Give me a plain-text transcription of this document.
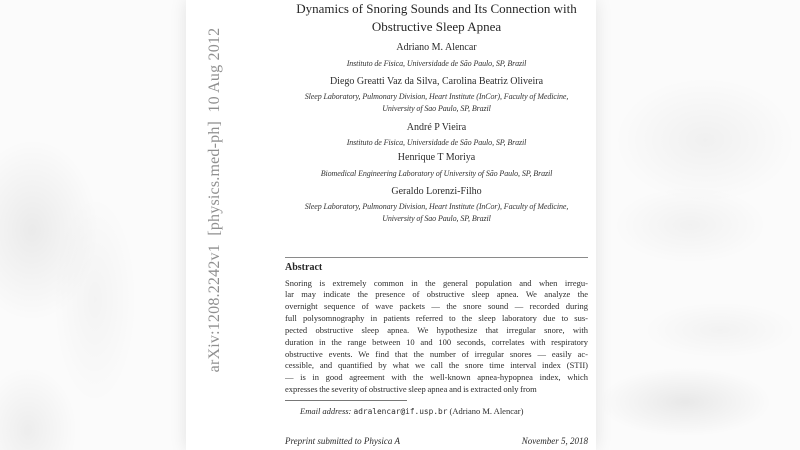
arXiv:1208.2242v1  [physics.med-ph]  10 Aug 2012
Dynamics of Snoring Sounds and Its Connection with
Obstructive Sleep Apnea
Adriano M. Alencar
Instituto de Fisica, Universidade de São Paulo, SP, Brazil
Diego Greatti Vaz da Silva, Carolina Beatriz Oliveira
Sleep Laboratory, Pulmonary Division, Heart Institute (InCor), Faculty of Medicine,
University of Sao Paulo, SP, Brazil
André P Vieira
Instituto de Fisica, Universidade de São Paulo, SP, Brazil
Henrique T Moriya
Biomedical Engineering Laboratory of University of São Paulo, SP, Brazil
Geraldo Lorenzi-Filho
Sleep Laboratory, Pulmonary Division, Heart Institute (InCor), Faculty of Medicine,
University of Sao Paulo, SP, Brazil
Abstract
Snoring is extremely common in the general population and when irregu-
lar may indicate the presence of obstructive sleep apnea. We analyze the
overnight sequence of wave packets — the snore sound — recorded during
full polysomnography in patients referred to the sleep laboratory due to sus-
pected obstructive sleep apnea. We hypothesize that irregular snore, with
duration in the range between 10 and 100 seconds, correlates with respiratory
obstructive events. We find that the number of irregular snores — easily ac-
cessible, and quantified by what we call the snore time interval index (STII)
— is in good agreement with the well-known apnea-hypopnea index, which
expresses the severity of obstructive sleep apnea and is extracted only from
Email address: adralencar@if.usp.br (Adriano M. Alencar)
Preprint submitted to Physica A	November 5, 2018
